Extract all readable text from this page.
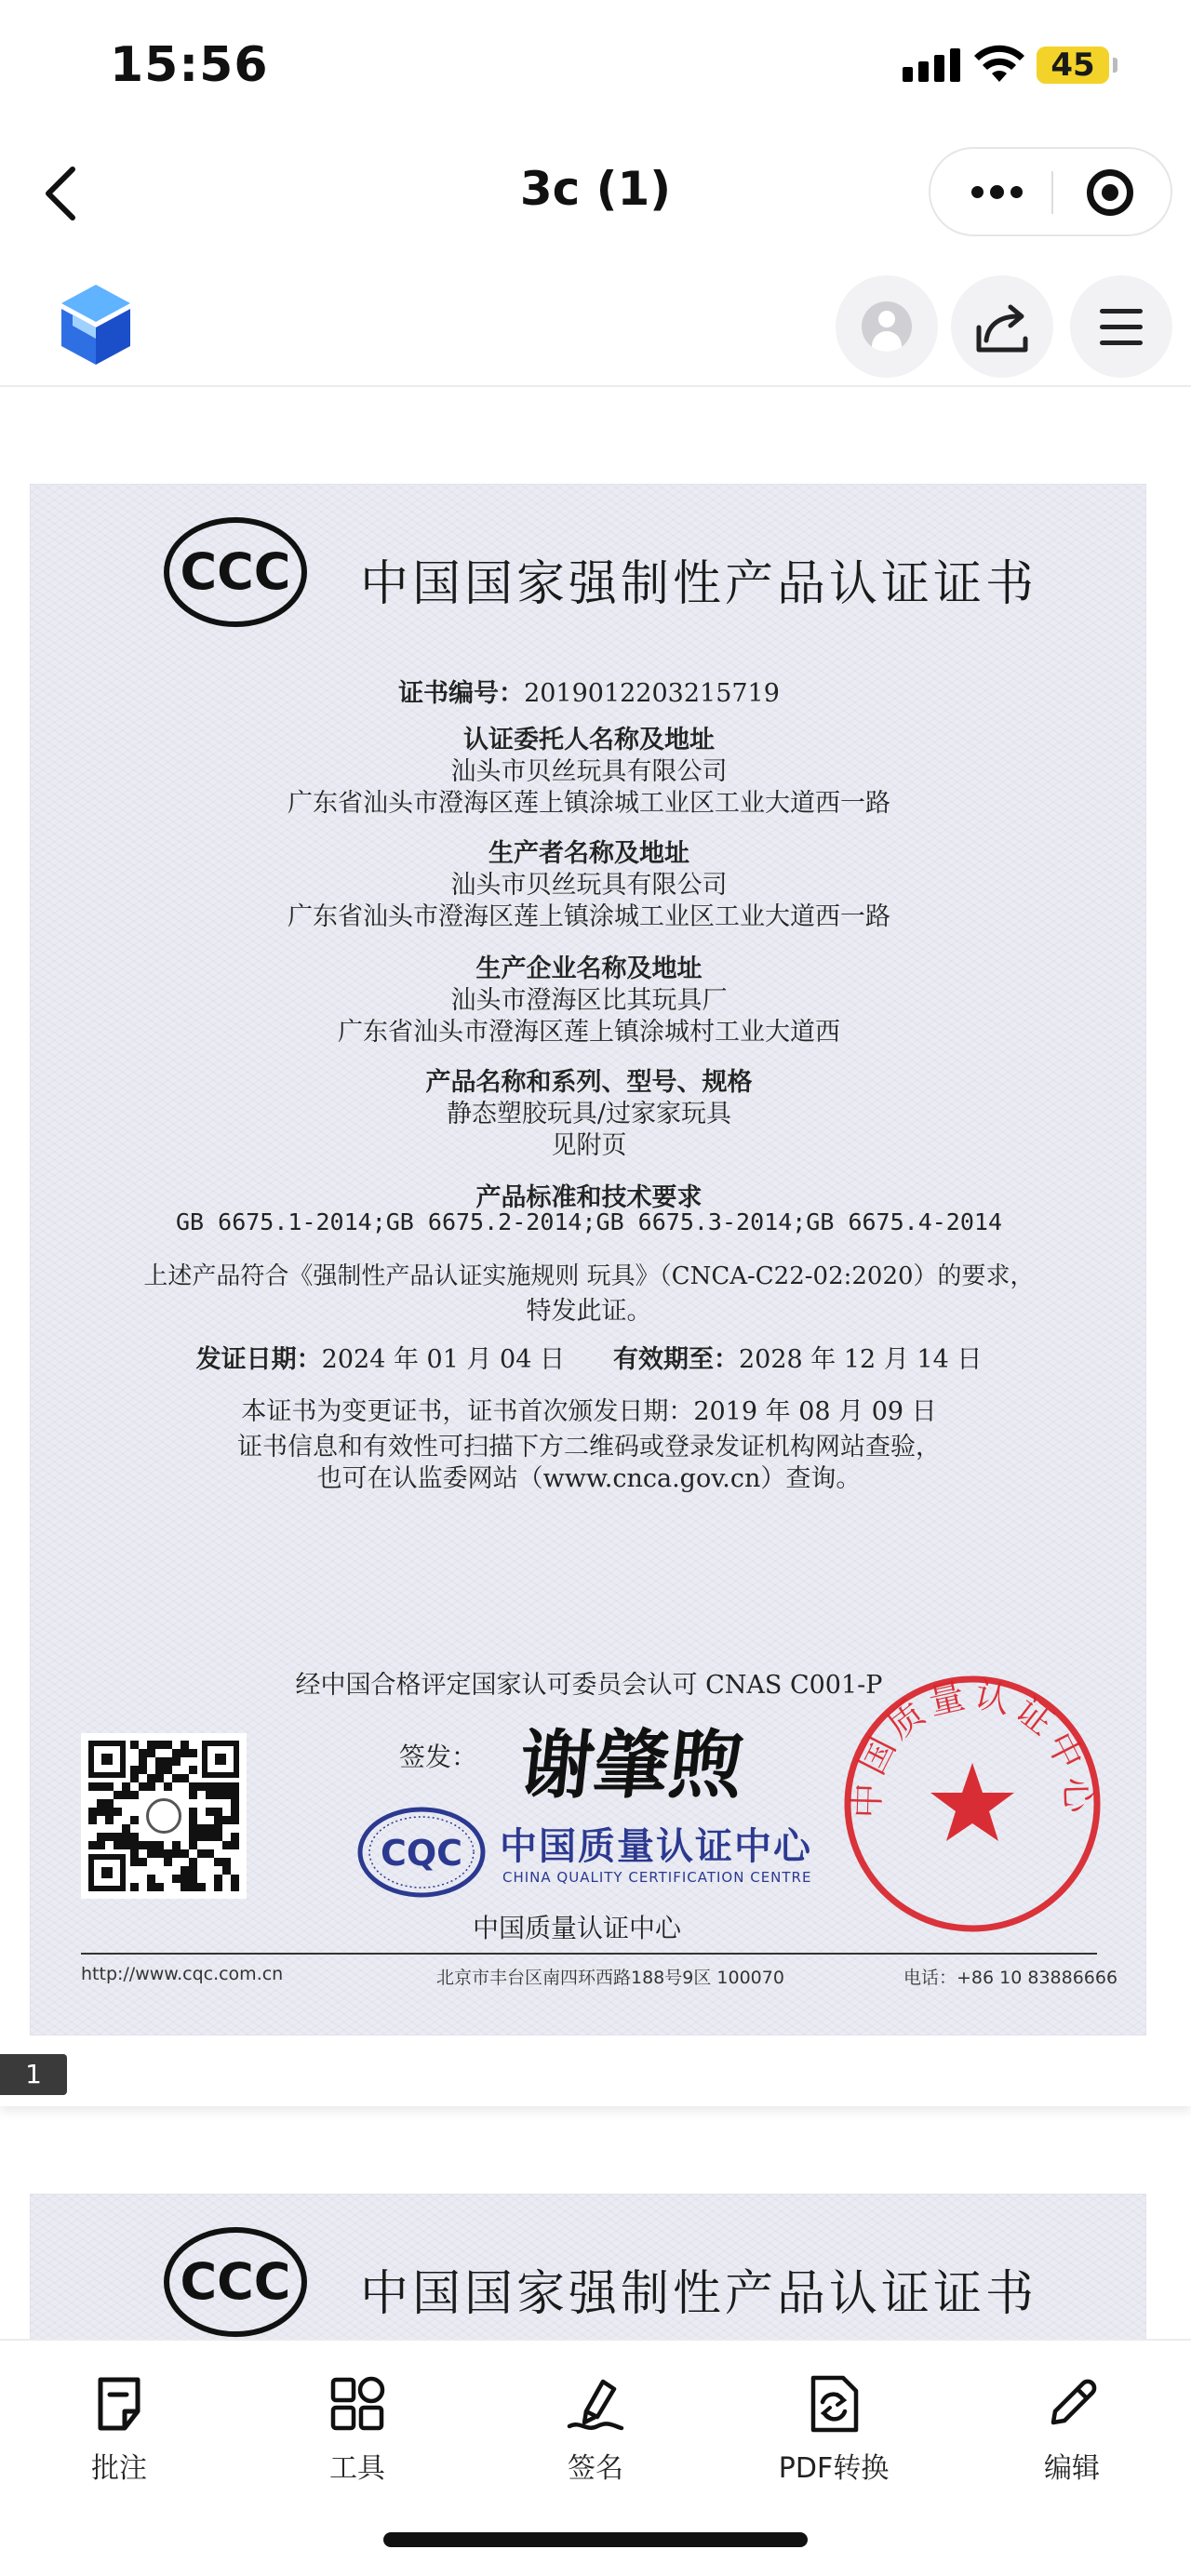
15:56	45
3c (1)
CCC 中国国家强制性产品认证证书
证书编号：2019012203215719
认证委托人名称及地址
汕头市贝丝玩具有限公司
广东省汕头市澄海区莲上镇涂城工业区工业大道西一路
生产者名称及地址
汕头市贝丝玩具有限公司
广东省汕头市澄海区莲上镇涂城工业区工业大道西一路
生产企业名称及地址
汕头市澄海区比其玩具厂
广东省汕头市澄海区莲上镇涂城村工业大道西
产品名称和系列、型号、规格
静态塑胶玩具/过家家玩具
见附页
产品标准和技术要求
GB 6675.1-2014;GB 6675.2-2014;GB 6675.3-2014;GB 6675.4-2014
上述产品符合《强制性产品认证实施规则 玩具》（CNCA-C22-02:2020）的要求，
特发此证。
发证日期：2024 年 01 月 04 日 有效期至：2028 年 12 月 14 日
本证书为变更证书，证书首次颁发日期：2019 年 08 月 09 日
证书信息和有效性可扫描下方二维码或登录发证机构网站查验，
也可在认监委网站（www.cnca.gov.cn）查询。
经中国合格评定国家认可委员会认可 CNAS C001-P
签发： 谢肇煦
CQC 中国质量认证中心
CHINA QUALITY CERTIFICATION CENTRE
中国质量认证中心
中国质量认证中心
http://www.cqc.com.cn	北京市丰台区南四环西路188号9区 100070	电话：+86 10 83886666
1
CCC 中国国家强制性产品认证证书
批注	工具	签名	PDF转换	编辑
